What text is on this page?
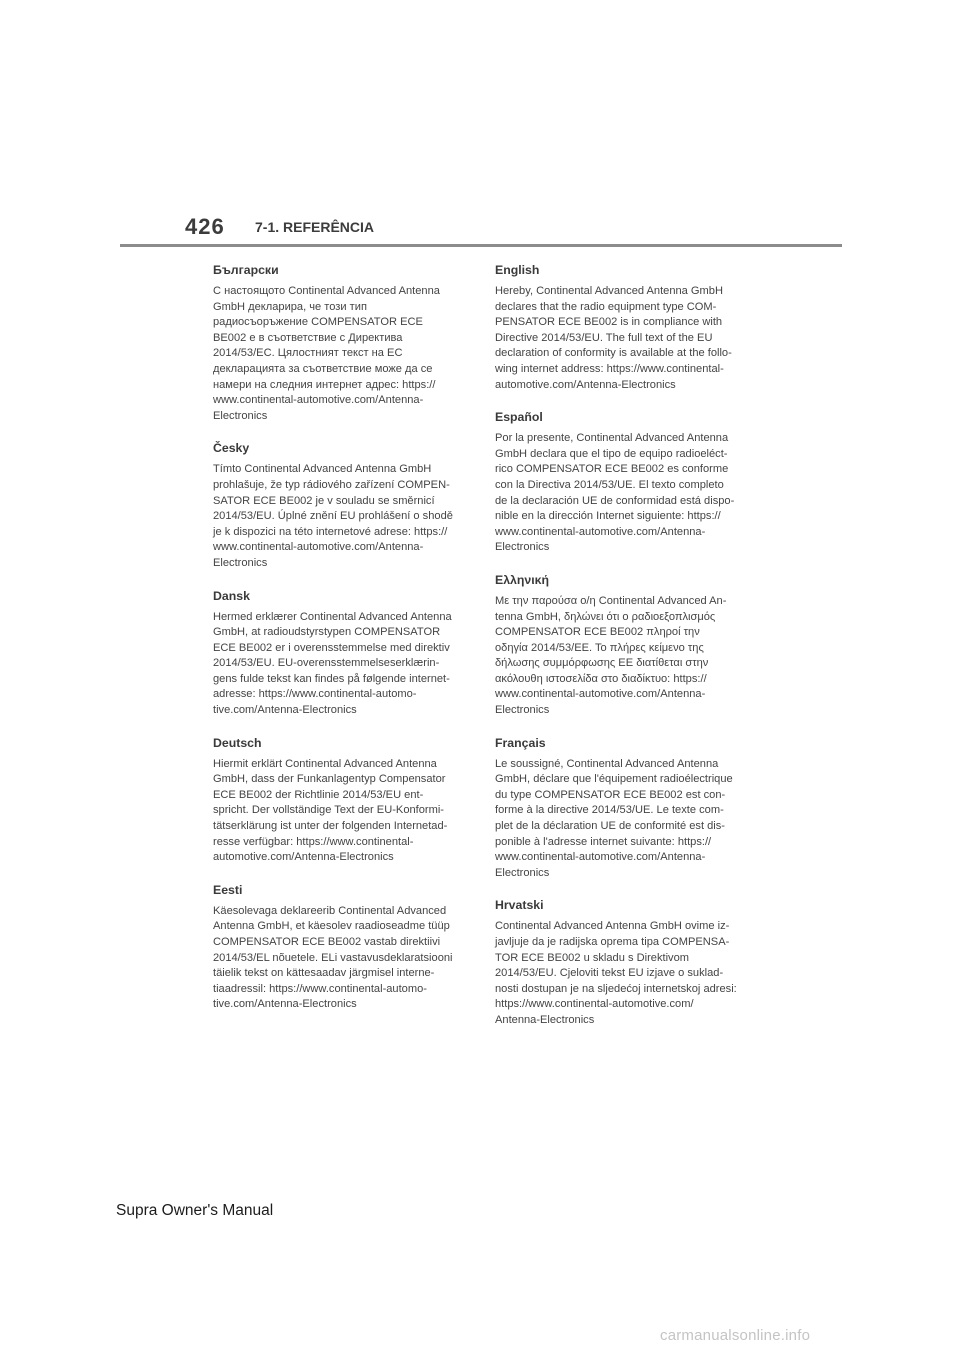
426 7-1. REFERÊNCIA
Български

С настоящото Continental Advanced Antenna
GmbH декларира, че този тип
радиосъоръжение COMPENSATOR ECE
BE002 е в съответствие с Директива
2014/53/ЕС. Цялостният текст на ЕС
декларацията за съответствие може да се
намери на следния интернет адрес: https://
www.continental-automotive.com/Antenna-
Electronics

Česky

Tímto Continental Advanced Antenna GmbH
prohlašuje, že typ rádiového zařízení COMPEN-
SATOR ECE BE002 je v souladu se směrnicí
2014/53/EU. Úplné znění EU prohlášení o shodě
je k dispozici na této internetové adrese: https://
www.continental-automotive.com/Antenna-
Electronics

Dansk

Hermed erklærer Continental Advanced Antenna
GmbH, at radioudstyrstypen COMPENSATOR
ECE BE002 er i overensstemmelse med direktiv
2014/53/EU. EU-overensstemmelseserklærin-
gens fulde tekst kan findes på følgende internet-
adresse: https://www.continental-automo-
tive.com/Antenna-Electronics

Deutsch

Hiermit erklärt Continental Advanced Antenna
GmbH, dass der Funkanlagentyp Compensator
ECE BE002 der Richtlinie 2014/53/EU ent-
spricht. Der vollständige Text der EU-Konformi-
tätserklärung ist unter der folgenden Internetad-
resse verfügbar: https://www.continental-
automotive.com/Antenna-Electronics

Eesti

Käesolevaga deklareerib Continental Advanced
Antenna GmbH, et käesolev raadioseadme tüüp
COMPENSATOR ECE BE002 vastab direktiivi
2014/53/EL nõuetele. ELi vastavusdeklaratsiooni
täielik tekst on kättesaadav järgmisel interne-
tiaadressil: https://www.continental-automo-
tive.com/Antenna-Electronics

English

Hereby, Continental Advanced Antenna GmbH
declares that the radio equipment type COM-
PENSATOR ECE BE002 is in compliance with
Directive 2014/53/EU. The full text of the EU
declaration of conformity is available at the follo-
wing internet address: https://www.continental-
automotive.com/Antenna-Electronics

Español

Por la presente, Continental Advanced Antenna
GmbH declara que el tipo de equipo radioeléct-
rico COMPENSATOR ECE BE002 es conforme
con la Directiva 2014/53/UE. El texto completo
de la declaración UE de conformidad está dispo-
nible en la dirección Internet siguiente: https://
www.continental-automotive.com/Antenna-
Electronics

Ελληνική

Με την παρούσα ο/η Continental Advanced An-
tenna GmbH, δηλώνει ότι ο ραδιοεξοπλισμός
COMPENSATOR ECE BE002 πληροί την
οδηγία 2014/53/ΕΕ. Το πλήρες κείμενο της
δήλωσης συμμόρφωσης ΕΕ διατίθεται στην
ακόλουθη ιστοσελίδα στο διαδίκτυο: https://
www.continental-automotive.com/Antenna-
Electronics

Français

Le soussigné, Continental Advanced Antenna
GmbH, déclare que l'équipement radioélectrique
du type COMPENSATOR ECE BE002 est con-
forme à la directive 2014/53/UE. Le texte com-
plet de la déclaration UE de conformité est dis-
ponible à l'adresse internet suivante: https://
www.continental-automotive.com/Antenna-
Electronics

Hrvatski

Continental Advanced Antenna GmbH ovime iz-
javljuje da je radijska oprema tipa COMPENSA-
TOR ECE BE002 u skladu s Direktivom
2014/53/EU. Cjeloviti tekst EU izjave o suklad-
nosti dostupan je na sljedećoj internetskoj adresi:
https://www.continental-automotive.com/
Antenna-Electronics

Supra Owner's Manual
carmanualsonline.info
